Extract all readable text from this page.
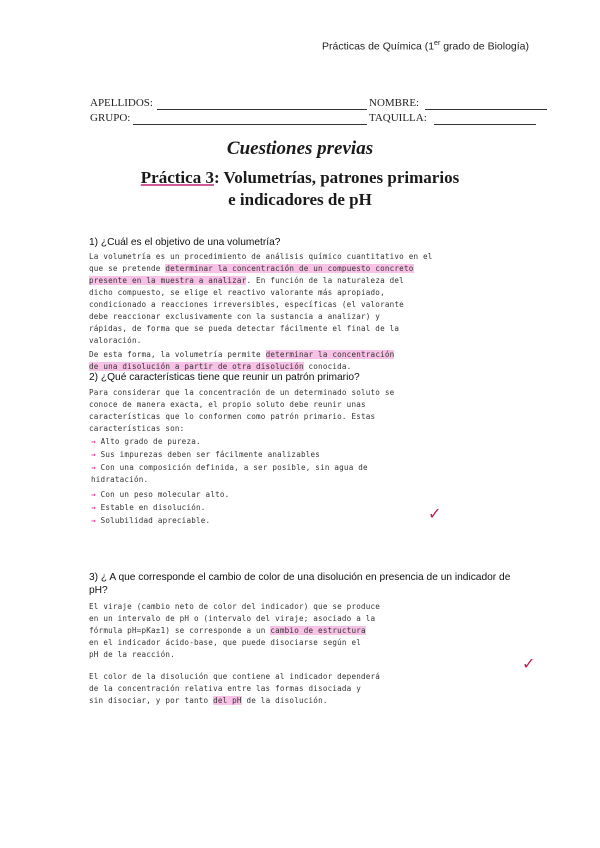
Prácticas de Química (1er grado de Biología)
APELLIDOS:	NOMBRE:
GRUPO:	TAQUILLA:
Cuestiones previas
Práctica 3: Volumetrías, patrones primarios
e indicadores de pH
1) ¿Cuál es el objetivo de una volumetría?
La volumetría es un procedimiento de análisis químico cuantitativo en el
que se pretende determinar la concentración de un compuesto concreto
presente en la muestra a analizar. En función de la naturaleza del
dicho compuesto, se elige el reactivo valorante más apropiado,
condicionado a reacciones irreversibles, específicas (el valorante
debe reaccionar exclusivamente con la sustancia a analizar) y
rápidas, de forma que se pueda detectar fácilmente el final de la
valoración.
De esta forma, la volumetría permite determinar la concentración
de una disolución a partir de otra disolución conocida.
2) ¿Qué características tiene que reunir un patrón primario?
Para considerar que la concentración de un determinado soluto se
conoce de manera exacta, el propio soluto debe reunir unas
características que lo conformen como patrón primario. Estas
características son:
→ Alto grado de pureza.
→ Sus impurezas deben ser fácilmente analizables
→ Con una composición definida, a ser posible, sin agua de
hidratación.
→ Con un peso molecular alto.
→ Estable en disolución.
→ Solubilidad apreciable.	✓
3) ¿ A que corresponde el cambio de color de una disolución en presencia de un indicador de
pH?
El viraje (cambio neto de color del indicador) que se produce
en un intervalo de pH o (intervalo del viraje; asociado a la
fórmula pH=pKa±1) se corresponde a un cambio de estructura
en el indicador ácido-base, que puede disociarse según el
pH de la reacción.	✓
El color de la disolución que contiene al indicador dependerá
de la concentración relativa entre las formas disociada y
sin disociar, y por tanto del pH de la disolución.
